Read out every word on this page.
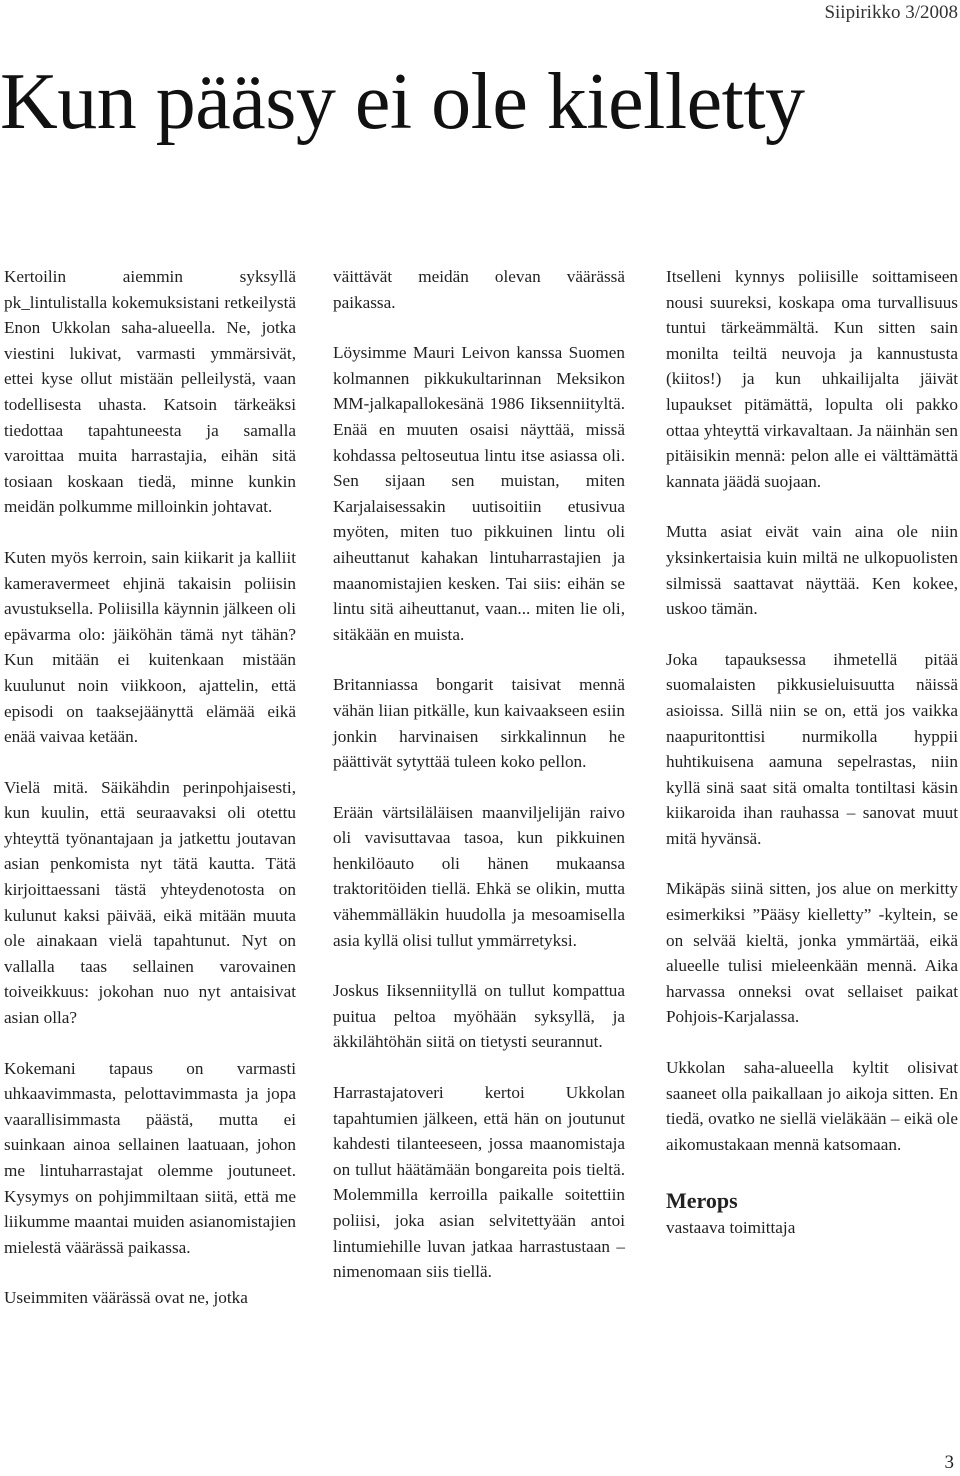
Siipirikko 3/2008
Kun pääsy ei ole kielletty

Kertoilin aiemmin syksyllä pk_lintulistalla kokemuksistani retkeilystä Enon Ukkolan saha-alueella. Ne, jotka viestini lukivat, varmasti ymmärsivät, ettei kyse ollut mistään pelleilystä, vaan todellisesta uhasta. Katsoin tärkeäksi tiedottaa tapahtuneesta ja samalla varoittaa muita harrastajia, eihän sitä tosiaan koskaan tiedä, minne kunkin meidän polkumme milloinkin johtavat.

Kuten myös kerroin, sain kiikarit ja kalliit kameravermeet ehjinä takaisin poliisin avustuksella. Poliisilla käynnin jälkeen oli epävarma olo: jäiköhän tämä nyt tähän? Kun mitään ei kuitenkaan mistään kuulunut noin viikkoon, ajattelin, että episodi on taaksejäänyttä elämää eikä enää vaivaa ketään.

Vielä mitä. Säikähdin perinpohjaisesti, kun kuulin, että seuraavaksi oli otettu yhteyttä työnantajaan ja jatkettu joutavan asian penkomista nyt tätä kautta. Tätä kirjoittaessani tästä yhteydenotosta on kulunut kaksi päivää, eikä mitään muuta ole ainakaan vielä tapahtunut. Nyt on vallalla taas sellainen varovainen toiveikkuus: jokohan nuo nyt antaisivat asian olla?

Kokemani tapaus on varmasti uhkaavimmasta, pelottavimmasta ja jopa vaarallisimmasta päästä, mutta ei suinkaan ainoa sellainen laatuaan, johon me lintuharrastajat olemme joutuneet. Kysymys on pohjimmiltaan siitä, että me liikumme maantai muiden asianomistajien mielestä väärässä paikassa.

Useimmiten väärässä ovat ne, jotka

väittävät meidän olevan väärässä paikassa.

Löysimme Mauri Leivon kanssa Suomen kolmannen pikkukultarinnan Meksikon MM-jalkapallokesänä 1986 Iiksenniityltä. Enää en muuten osaisi näyttää, missä kohdassa peltoseutua lintu itse asiassa oli. Sen sijaan sen muistan, miten Karjalaisessakin uutisoitiin etusivua myöten, miten tuo pikkuinen lintu oli aiheuttanut kahakan lintuharrastajien ja maanomistajien kesken. Tai siis: eihän se lintu sitä aiheuttanut, vaan... miten lie oli, sitäkään en muista.

Britanniassa bongarit taisivat mennä vähän liian pitkälle, kun kaivaakseen esiin jonkin harvinaisen sirkkalinnun he päättivät sytyttää tuleen koko pellon.

Erään värtsiläläisen maanviljelijän raivo oli vavisuttavaa tasoa, kun pikkuinen henkilöauto oli hänen mukaansa traktoritöiden tiellä. Ehkä se olikin, mutta vähemmälläkin huudolla ja mesoamisella asia kyllä olisi tullut ymmärretyksi.

Joskus Iiksenniityllä on tullut kompattua puitua peltoa myöhään syksyllä, ja äkkilähtöhän siitä on tietysti seurannut.

Harrastajatoveri kertoi Ukkolan tapahtumien jälkeen, että hän on joutunut kahdesti tilanteeseen, jossa maanomistaja on tullut häätämään bongareita pois tieltä. Molemmilla kerroilla paikalle soitettiin poliisi, joka asian selvitettyään antoi lintumiehille luvan jatkaa harrastustaan – nimenomaan siis tiellä.

Itselleni kynnys poliisille soittamiseen nousi suureksi, koskapa oma turvallisuus tuntui tärkeämmältä. Kun sitten sain monilta teiltä neuvoja ja kannustusta (kiitos!) ja kun uhkailijalta jäivät lupaukset pitämättä, lopulta oli pakko ottaa yhteyttä virkavaltaan. Ja näinhän sen pitäisikin mennä: pelon alle ei välttämättä kannata jäädä suojaan.

Mutta asiat eivät vain aina ole niin yksinkertaisia kuin miltä ne ulkopuolisten silmissä saattavat näyttää. Ken kokee, uskoo tämän.

Joka tapauksessa ihmetellä pitää suomalaisten pikkusieluisuutta näissä asioissa. Sillä niin se on, että jos vaikka naapuritonttisi nurmikolla hyppii huhtikuisena aamuna sepelrastas, niin kyllä sinä saat sitä omalta tontiltasi käsin kiikaroida ihan rauhassa – sanovat muut mitä hyvänsä.

Mikäpäs siinä sitten, jos alue on merkitty esimerkiksi ”Pääsy kielletty” -kyltein, se on selvää kieltä, jonka ymmärtää, eikä alueelle tulisi mieleenkään mennä. Aika harvassa onneksi ovat sellaiset paikat Pohjois-Karjalassa.

Ukkolan saha-alueella kyltit olisivat saaneet olla paikallaan jo aikoja sitten. En tiedä, ovatko ne siellä vieläkään – eikä ole aikomustakaan mennä katsomaan.

Merops
vastaava toimittaja
3
